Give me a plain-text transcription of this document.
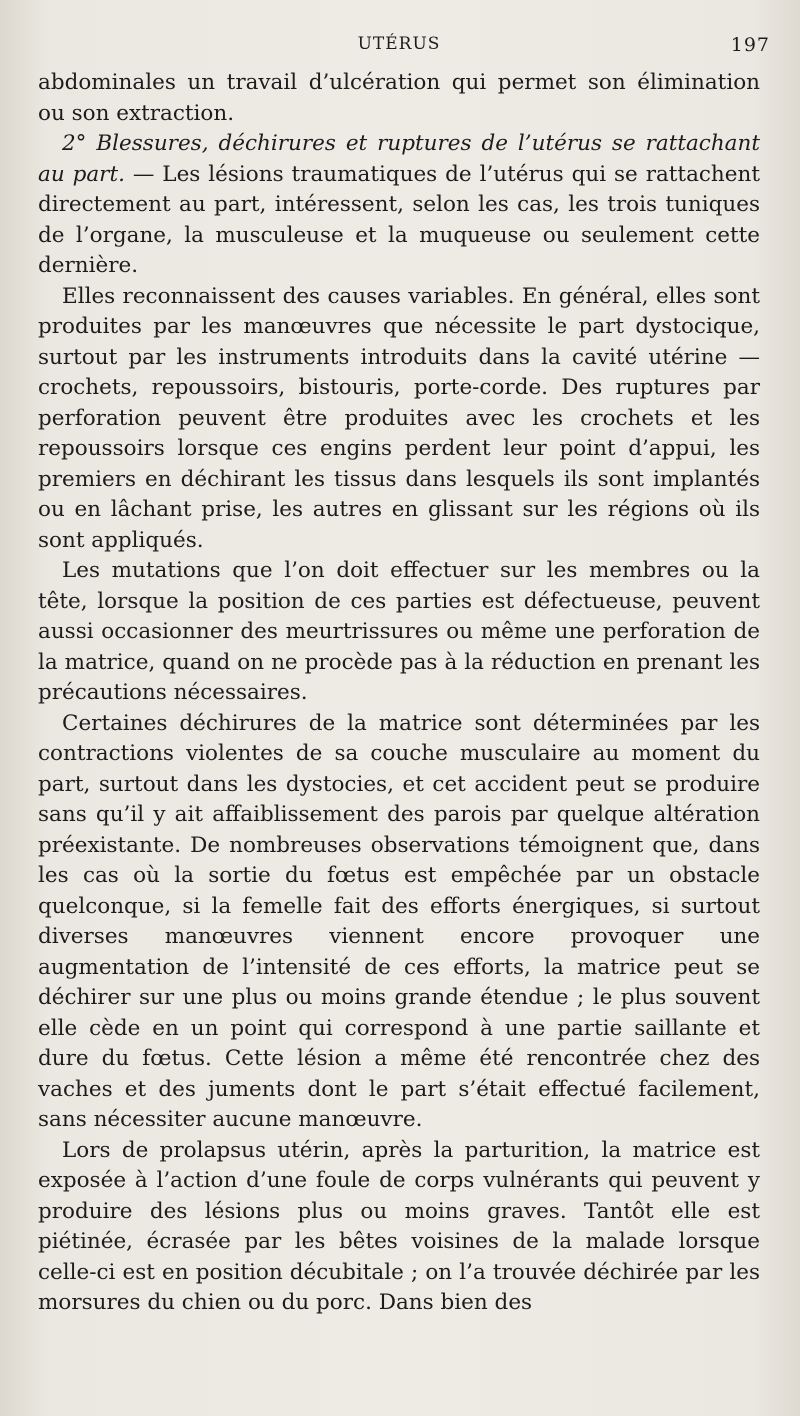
UTÉRUS	197

abdominales un travail d’ulcération qui permet son élimination ou son extraction.

2° Blessures, déchirures et ruptures de l’utérus se rattachant au part. — Les lésions traumatiques de l’utérus qui se rattachent directement au part, intéressent, selon les cas, les trois tuniques de l’organe, la musculeuse et la muqueuse ou seulement cette dernière.

Elles reconnaissent des causes variables. En général, elles sont produites par les manœuvres que nécessite le part dystocique, surtout par les instruments introduits dans la cavité utérine — crochets, repoussoirs, bistouris, porte-corde. Des ruptures par perforation peuvent être produites avec les crochets et les repoussoirs lorsque ces engins perdent leur point d’appui, les premiers en déchirant les tissus dans lesquels ils sont implantés ou en lâchant prise, les autres en glissant sur les régions où ils sont appliqués.

Les mutations que l’on doit effectuer sur les membres ou la tête, lorsque la position de ces parties est défectueuse, peuvent aussi occasionner des meurtrissures ou même une perforation de la matrice, quand on ne procède pas à la réduction en prenant les précautions nécessaires.

Certaines déchirures de la matrice sont déterminées par les contractions violentes de sa couche musculaire au moment du part, surtout dans les dystocies, et cet accident peut se produire sans qu’il y ait affaiblissement des parois par quelque altération préexistante. De nombreuses observations témoignent que, dans les cas où la sortie du fœtus est empêchée par un obstacle quelconque, si la femelle fait des efforts énergiques, si surtout diverses manœuvres viennent encore provoquer une augmentation de l’intensité de ces efforts, la matrice peut se déchirer sur une plus ou moins grande étendue ; le plus souvent elle cède en un point qui correspond à une partie saillante et dure du fœtus. Cette lésion a même été rencontrée chez des vaches et des juments dont le part s’était effectué facilement, sans nécessiter aucune manœuvre.

Lors de prolapsus utérin, après la parturition, la matrice est exposée à l’action d’une foule de corps vulnérants qui peuvent y produire des lésions plus ou moins graves. Tantôt elle est piétinée, écrasée par les bêtes voisines de la malade lorsque celle-ci est en position décubitale ; on l’a trouvée déchirée par les morsures du chien ou du porc. Dans bien des
